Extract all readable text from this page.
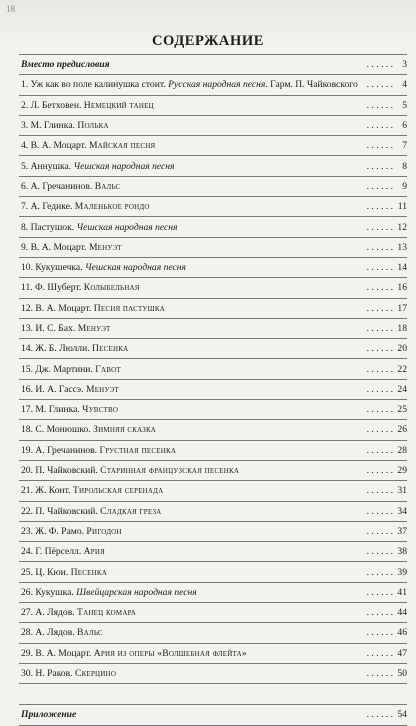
18
СОДЕРЖАНИЕ
Вместо предисловия	. . . . . . 3
1. Уж как во поле калинушка стоит. Русская народная песня. Гарм. П. Чайковского . . . . . . 4
2. Л. Бетховен. Немецкий танец	. . . . . . 5
3. М. Глинка. Полька	. . . . . . 6
4. В. А. Моцарт. Майская песня	. . . . . . 7
5. Аннушка. Чешская народная песня	. . . . . . 8
6. А. Гречанинов. Вальс	. . . . . . 9
7. А. Гедике. Маленькое рондо	. . . . . . 11
8. Пастушок. Чешская народная песня	. . . . . . 12
9. В. А. Моцарт. Менуэт	. . . . . . 13
10. Кукушечка. Чешская народная песня	. . . . . . 14
11. Ф. Шуберт. Колыбельная	. . . . . . 16
12. В. А. Моцарт. Песня пастушка	. . . . . . 17
13. И. С. Бах. Менуэт	. . . . . . 18
14. Ж. Б. Люлли. Песенка	. . . . . . 20
15. Дж. Мартини. Гавот	. . . . . . 22
16. И. А. Гассэ. Менуэт	. . . . . . 24
17. М. Глинка. Чувство	. . . . . . 25
18. С. Монюшко. Зимняя сказка	. . . . . . 26
19. А. Гречанинов. Грустная песенка	. . . . . . 28
20. П. Чайковский. Старинная французская песенка	. . . . . . 29
21. Ж. Конт. Тирольская серенада	. . . . . . 31
22. П. Чайковский. Сладкая греза	. . . . . . 34
23. Ж. Ф. Рамо. Ригодон	. . . . . . 37
24. Г. Пёрселл. Ария	. . . . . . 38
25. Ц. Кюи. Песенка	. . . . . . 39
26. Кукушка. Швейцарская народная песня	. . . . . . 41
27. А. Лядов. Танец комара	. . . . . . 44
28. А. Лядов. Вальс	. . . . . . 46
29. В. А. Моцарт. Ария из оперы «Волшебная флейта»	. . . . . . 47
30. Н. Раков. Скерцино	. . . . . . 50
Приложение	. . . . . . 54
